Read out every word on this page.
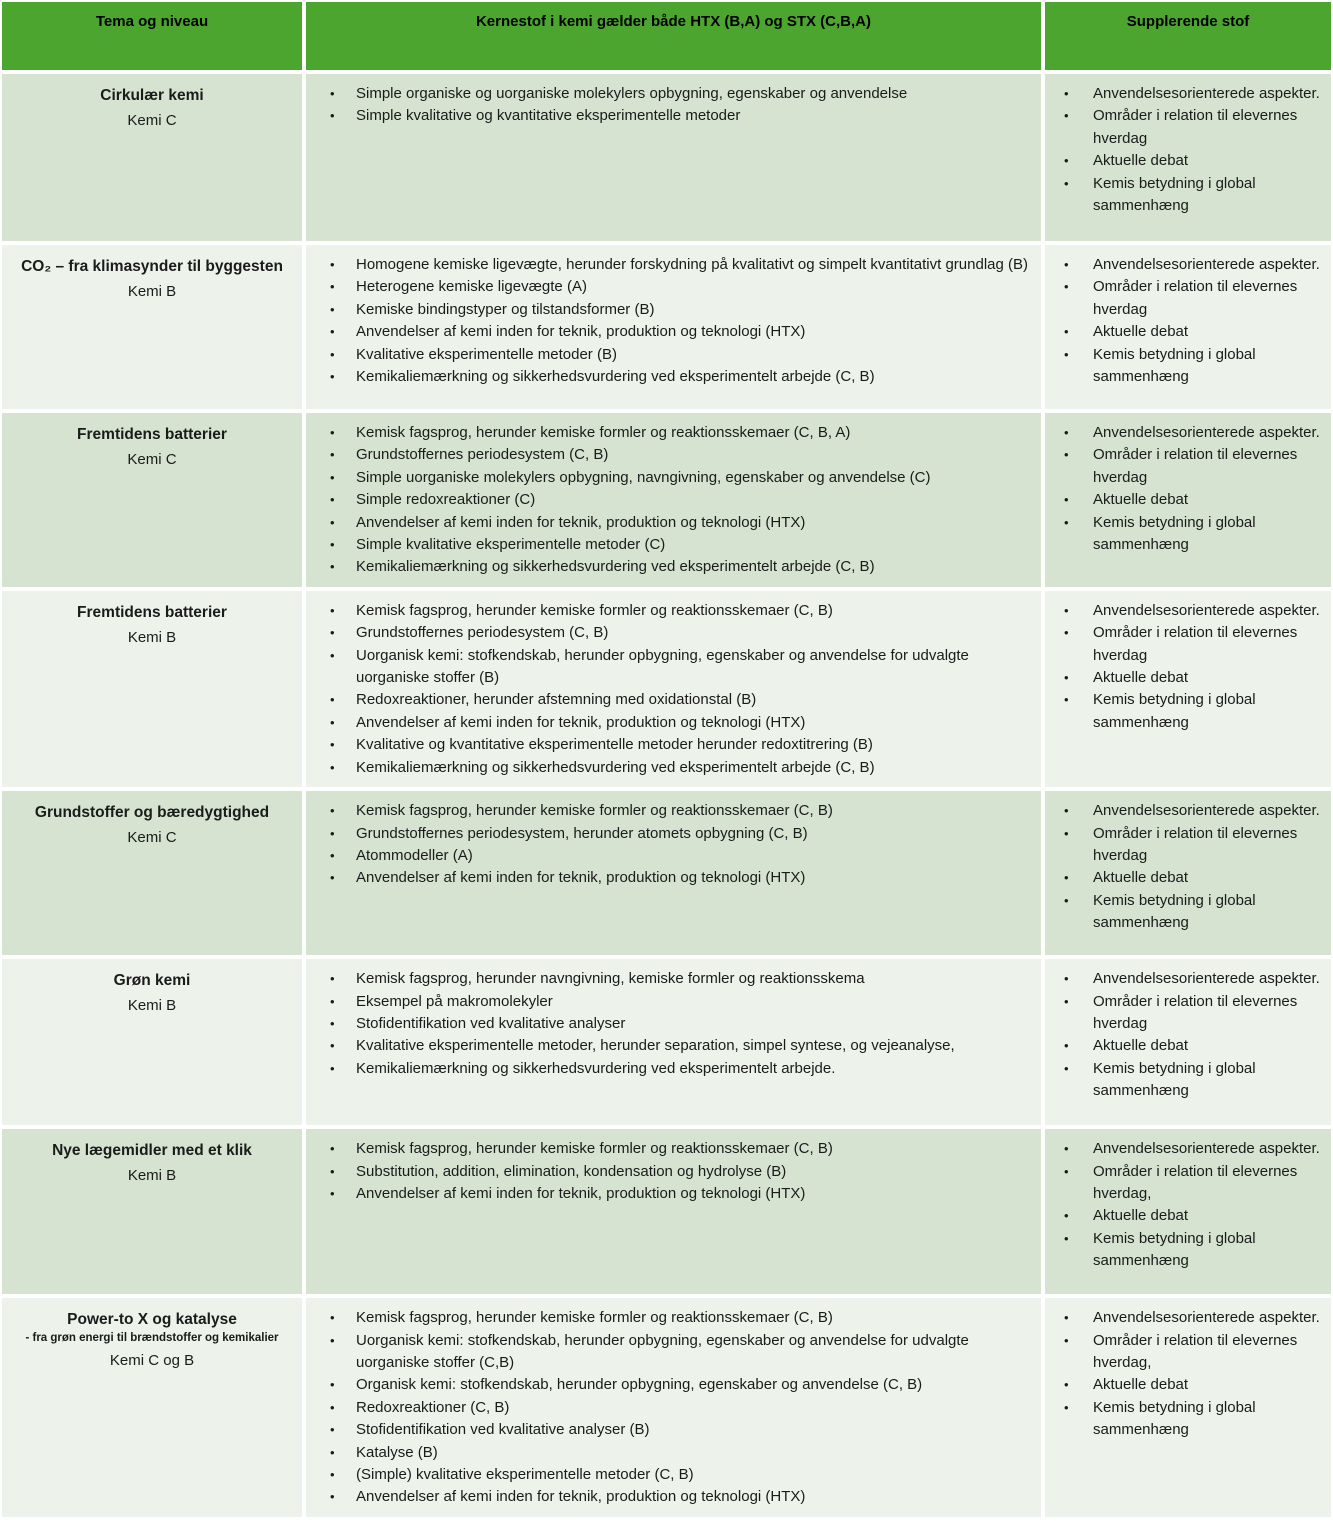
Tema og niveau	Kernestof i kemi gælder både HTX (B,A) og STX (C,B,A)	Supplerende stof
Cirkulær kemi
Kemi C
• Simple organiske og uorganiske molekylers opbygning, egenskaber og anvendelse
• Simple kvalitative og kvantitative eksperimentelle metoder
• Anvendelsesorienterede aspekter.
• Områder i relation til elevernes hverdag
• Aktuelle debat
• Kemis betydning i global sammenhæng
CO₂ – fra klimasynder til byggesten
Kemi B
• Homogene kemiske ligevægte, herunder forskydning på kvalitativt og simpelt kvantitativt grundlag (B)
• Heterogene kemiske ligevægte (A)
• Kemiske bindingstyper og tilstandsformer (B)
• Anvendelser af kemi inden for teknik, produktion og teknologi (HTX)
• Kvalitative eksperimentelle metoder (B)
• Kemikaliemærkning og sikkerhedsvurdering ved eksperimentelt arbejde (C, B)
• Anvendelsesorienterede aspekter.
• Områder i relation til elevernes hverdag
• Aktuelle debat
• Kemis betydning i global sammenhæng
Fremtidens batterier
Kemi C
• Kemisk fagsprog, herunder kemiske formler og reaktionsskemaer (C, B, A)
• Grundstoffernes periodesystem (C, B)
• Simple uorganiske molekylers opbygning, navngivning, egenskaber og anvendelse (C)
• Simple redoxreaktioner (C)
• Anvendelser af kemi inden for teknik, produktion og teknologi (HTX)
• Simple kvalitative eksperimentelle metoder (C)
• Kemikaliemærkning og sikkerhedsvurdering ved eksperimentelt arbejde (C, B)
• Anvendelsesorienterede aspekter.
• Områder i relation til elevernes hverdag
• Aktuelle debat
• Kemis betydning i global sammenhæng
Fremtidens batterier
Kemi B
• Kemisk fagsprog, herunder kemiske formler og reaktionsskemaer (C, B)
• Grundstoffernes periodesystem (C, B)
• Uorganisk kemi: stofkendskab, herunder opbygning, egenskaber og anvendelse for udvalgte uorganiske stoffer (B)
• Redoxreaktioner, herunder afstemning med oxidationstal (B)
• Anvendelser af kemi inden for teknik, produktion og teknologi (HTX)
• Kvalitative og kvantitative eksperimentelle metoder herunder redoxtitrering (B)
• Kemikaliemærkning og sikkerhedsvurdering ved eksperimentelt arbejde (C, B)
• Anvendelsesorienterede aspekter.
• Områder i relation til elevernes hverdag
• Aktuelle debat
• Kemis betydning i global sammenhæng
Grundstoffer og bæredygtighed
Kemi C
• Kemisk fagsprog, herunder kemiske formler og reaktionsskemaer (C, B)
• Grundstoffernes periodesystem, herunder atomets opbygning (C, B)
• Atommodeller (A)
• Anvendelser af kemi inden for teknik, produktion og teknologi (HTX)
• Anvendelsesorienterede aspekter.
• Områder i relation til elevernes hverdag
• Aktuelle debat
• Kemis betydning i global sammenhæng
Grøn kemi
Kemi B
• Kemisk fagsprog, herunder navngivning, kemiske formler og reaktionsskema
• Eksempel på makromolekyler
• Stofidentifikation ved kvalitative analyser
• Kvalitative eksperimentelle metoder, herunder separation, simpel syntese, og vejeanalyse,
• Kemikaliemærkning og sikkerhedsvurdering ved eksperimentelt arbejde.
• Anvendelsesorienterede aspekter.
• Områder i relation til elevernes hverdag
• Aktuelle debat
• Kemis betydning i global sammenhæng
Nye lægemidler med et klik
Kemi B
• Kemisk fagsprog, herunder kemiske formler og reaktionsskemaer (C, B)
• Substitution, addition, elimination, kondensation og hydrolyse (B)
• Anvendelser af kemi inden for teknik, produktion og teknologi (HTX)
• Anvendelsesorienterede aspekter.
• Områder i relation til elevernes hverdag,
• Aktuelle debat
• Kemis betydning i global sammenhæng
Power-to X og katalyse
- fra grøn energi til brændstoffer og kemikalier
Kemi C og B
• Kemisk fagsprog, herunder kemiske formler og reaktionsskemaer (C, B)
• Uorganisk kemi: stofkendskab, herunder opbygning, egenskaber og anvendelse for udvalgte uorganiske stoffer (C,B)
• Organisk kemi: stofkendskab, herunder opbygning, egenskaber og anvendelse (C, B)
• Redoxreaktioner (C, B)
• Stofidentifikation ved kvalitative analyser (B)
• Katalyse (B)
• (Simple) kvalitative eksperimentelle metoder (C, B)
• Anvendelser af kemi inden for teknik, produktion og teknologi (HTX)
• Anvendelsesorienterede aspekter.
• Områder i relation til elevernes hverdag,
• Aktuelle debat
• Kemis betydning i global sammenhæng
